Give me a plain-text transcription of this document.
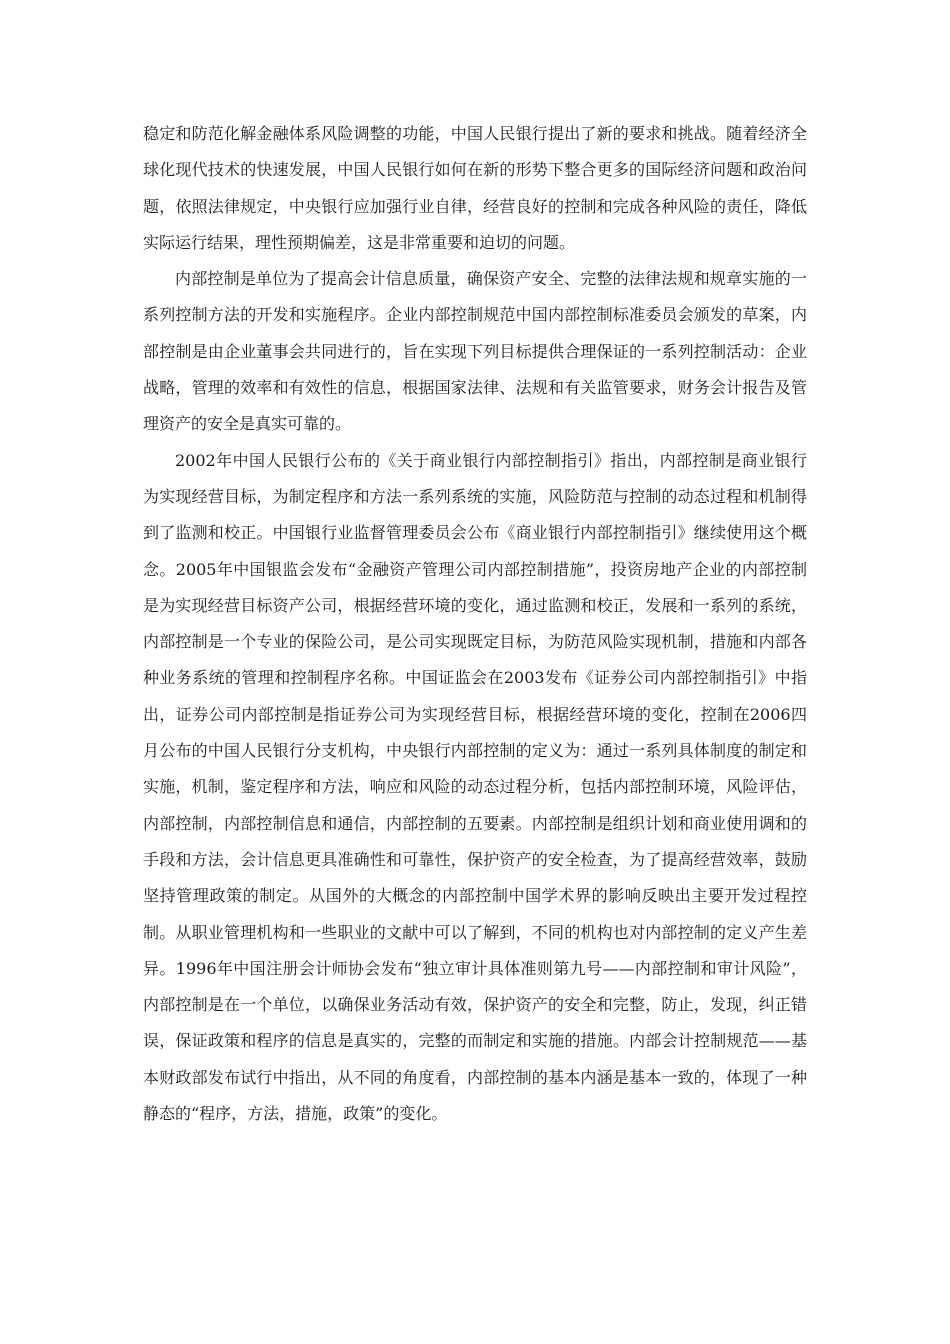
稳定和防范化解金融体系风险调整的功能，中国人民银行提出了新的要求和挑战。随着经济全球化现代技术的快速发展，中国人民银行如何在新的形势下整合更多的国际经济问题和政治问题，依照法律规定，中央银行应加强行业自律，经营良好的控制和完成各种风险的责任，降低实际运行结果，理性预期偏差，这是非常重要和迫切的问题。

内部控制是单位为了提高会计信息质量，确保资产安全、完整的法律法规和规章实施的一系列控制方法的开发和实施程序。企业内部控制规范中国内部控制标准委员会颁发的草案，内部控制是由企业董事会共同进行的，旨在实现下列目标提供合理保证的一系列控制活动：企业战略，管理的效率和有效性的信息，根据国家法律、法规和有关监管要求，财务会计报告及管理资产的安全是真实可靠的。

2002年中国人民银行公布的《关于商业银行内部控制指引》指出，内部控制是商业银行为实现经营目标，为制定程序和方法一系列系统的实施，风险防范与控制的动态过程和机制得到了监测和校正。中国银行业监督管理委员会公布《商业银行内部控制指引》继续使用这个概念。2005年中国银监会发布“金融资产管理公司内部控制措施”，投资房地产企业的内部控制是为实现经营目标资产公司，根据经营环境的变化，通过监测和校正，发展和一系列的系统，内部控制是一个专业的保险公司，是公司实现既定目标，为防范风险实现机制，措施和内部各种业务系统的管理和控制程序名称。中国证监会在2003发布《证券公司内部控制指引》中指出，证券公司内部控制是指证券公司为实现经营目标，根据经营环境的变化，控制在2006四月公布的中国人民银行分支机构，中央银行内部控制的定义为：通过一系列具体制度的制定和实施，机制，鉴定程序和方法，响应和风险的动态过程分析，包括内部控制环境，风险评估，内部控制，内部控制信息和通信，内部控制的五要素。内部控制是组织计划和商业使用调和的手段和方法，会计信息更具准确性和可靠性，保护资产的安全检查，为了提高经营效率，鼓励坚持管理政策的制定。从国外的大概念的内部控制中国学术界的影响反映出主要开发过程控制。从职业管理机构和一些职业的文献中可以了解到，不同的机构也对内部控制的定义产生差异。1996年中国注册会计师协会发布“独立审计具体准则第九号——内部控制和审计风险”，内部控制是在一个单位，以确保业务活动有效，保护资产的安全和完整，防止，发现，纠正错误，保证政策和程序的信息是真实的，完整的而制定和实施的措施。内部会计控制规范——基本财政部发布试行中指出，从不同的角度看，内部控制的基本内涵是基本一致的，体现了一种静态的“程序，方法，措施，政策”的变化。
